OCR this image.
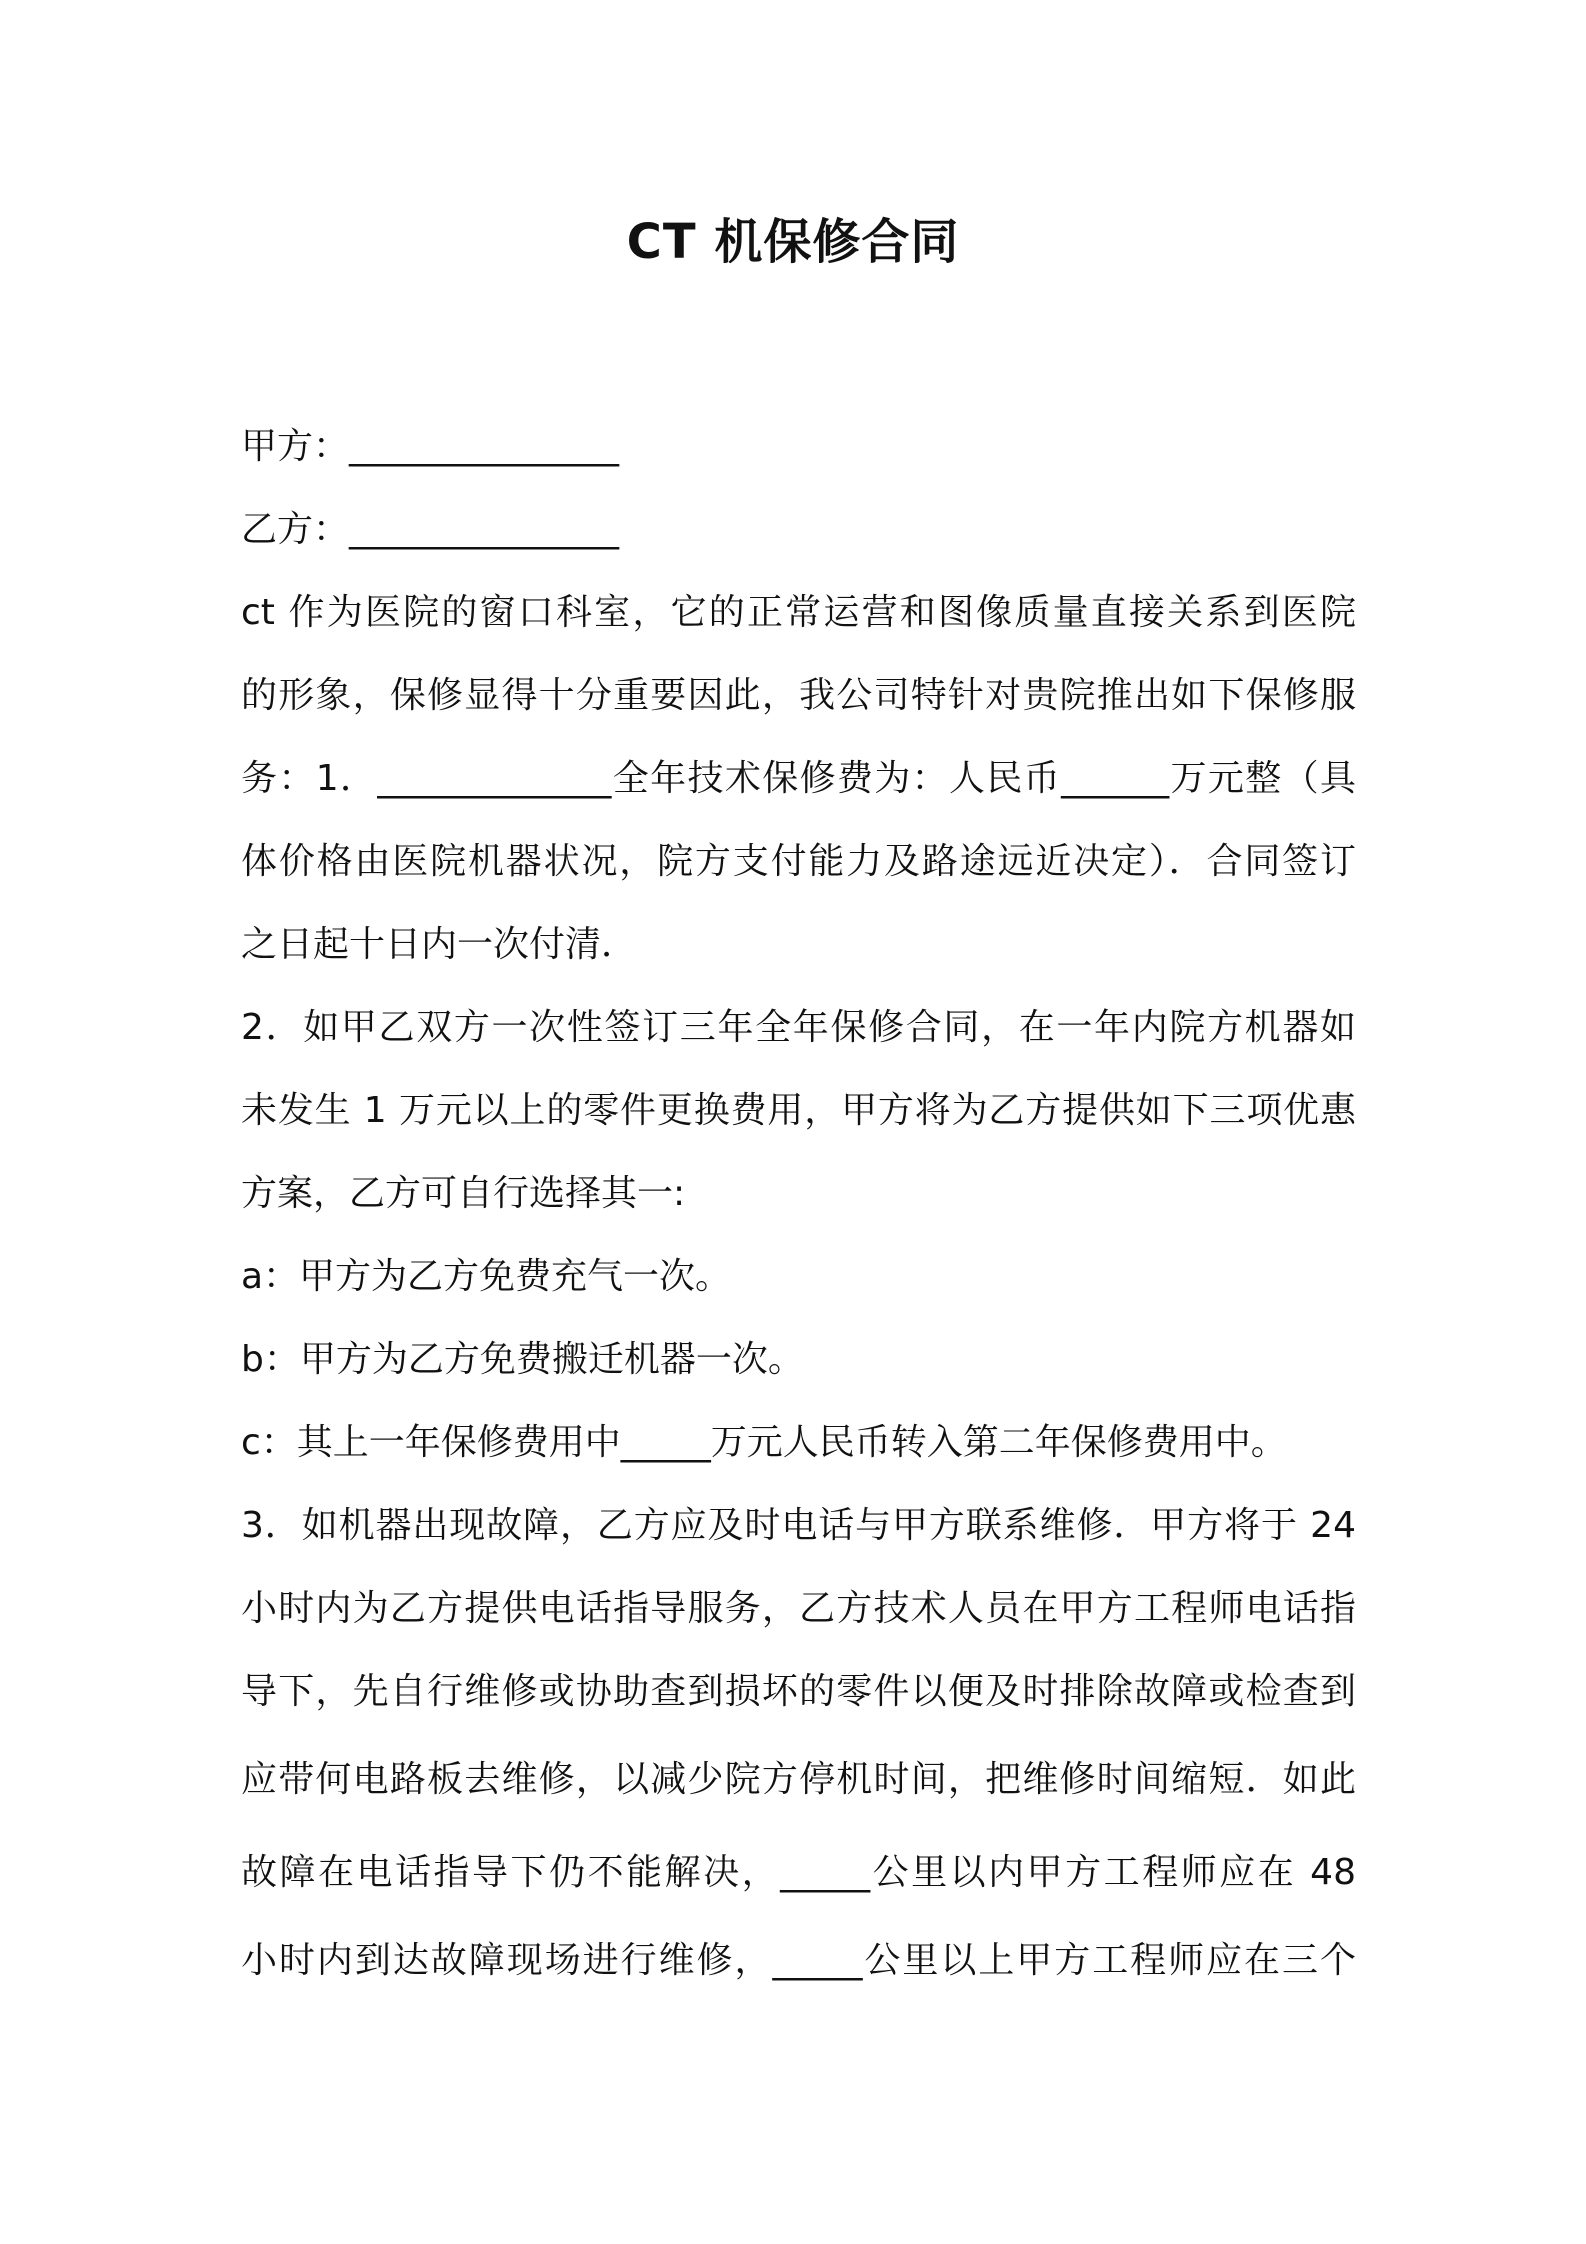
CT 机保修合同
甲方：_______________
乙方：_______________
ct 作为医院的窗口科室，它的正常运营和图像质量直接关系到医院
的形象，保修显得十分重要因此，我公司特针对贵院推出如下保修服
务：1．_____________全年技术保修费为：人民币______万元整（具
体价格由医院机器状况，院方支付能力及路途远近决定）．合同签订
之日起十日内一次付清．
2．如甲乙双方一次性签订三年全年保修合同，在一年内院方机器如
未发生 1 万元以上的零件更换费用，甲方将为乙方提供如下三项优惠
方案，乙方可自行选择其一:
a：甲方为乙方免费充气一次。
b：甲方为乙方免费搬迁机器一次。
c：其上一年保修费用中_____万元人民币转入第二年保修费用中。
3．如机器出现故障，乙方应及时电话与甲方联系维修．甲方将于 24
小时内为乙方提供电话指导服务，乙方技术人员在甲方工程师电话指
导下，先自行维修或协助查到损坏的零件以便及时排除故障或检查到
应带何电路板去维修，以减少院方停机时间，把维修时间缩短．如此
故障在电话指导下仍不能解决，_____公里以内甲方工程师应在 48
小时内到达故障现场进行维修，_____公里以上甲方工程师应在三个
